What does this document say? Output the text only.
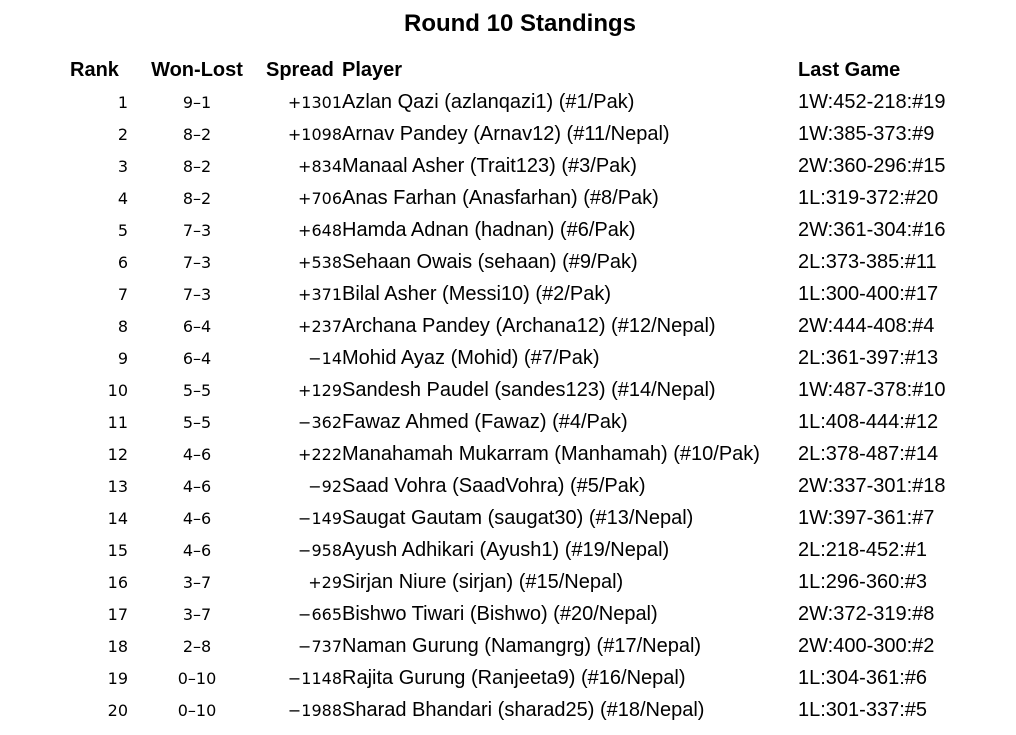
Round 10 Standings
Rank	Won-Lost	Spread	Player	Last Game
1	9–1	+1301	Azlan Qazi (azlanqazi1) (#1/Pak)	1W:452-218:#19
2	8–2	+1098	Arnav Pandey (Arnav12) (#11/Nepal)	1W:385-373:#9
3	8–2	+834	Manaal Asher (Trait123) (#3/Pak)	2W:360-296:#15
4	8–2	+706	Anas Farhan (Anasfarhan) (#8/Pak)	1L:319-372:#20
5	7–3	+648	Hamda Adnan (hadnan) (#6/Pak)	2W:361-304:#16
6	7–3	+538	Sehaan Owais (sehaan) (#9/Pak)	2L:373-385:#11
7	7–3	+371	Bilal Asher (Messi10) (#2/Pak)	1L:300-400:#17
8	6–4	+237	Archana Pandey (Archana12) (#12/Nepal)	2W:444-408:#4
9	6–4	−14	Mohid Ayaz (Mohid) (#7/Pak)	2L:361-397:#13
10	5–5	+129	Sandesh Paudel (sandes123) (#14/Nepal)	1W:487-378:#10
11	5–5	−362	Fawaz Ahmed (Fawaz) (#4/Pak)	1L:408-444:#12
12	4–6	+222	Manahamah Mukarram (Manhamah) (#10/Pak)	2L:378-487:#14
13	4–6	−92	Saad Vohra (SaadVohra) (#5/Pak)	2W:337-301:#18
14	4–6	−149	Saugat Gautam (saugat30) (#13/Nepal)	1W:397-361:#7
15	4–6	−958	Ayush Adhikari (Ayush1) (#19/Nepal)	2L:218-452:#1
16	3–7	+29	Sirjan Niure (sirjan) (#15/Nepal)	1L:296-360:#3
17	3–7	−665	Bishwo Tiwari (Bishwo) (#20/Nepal)	2W:372-319:#8
18	2–8	−737	Naman Gurung (Namangrg) (#17/Nepal)	2W:400-300:#2
19	0–10	−1148	Rajita Gurung (Ranjeeta9) (#16/Nepal)	1L:304-361:#6
20	0–10	−1988	Sharad Bhandari (sharad25) (#18/Nepal)	1L:301-337:#5
